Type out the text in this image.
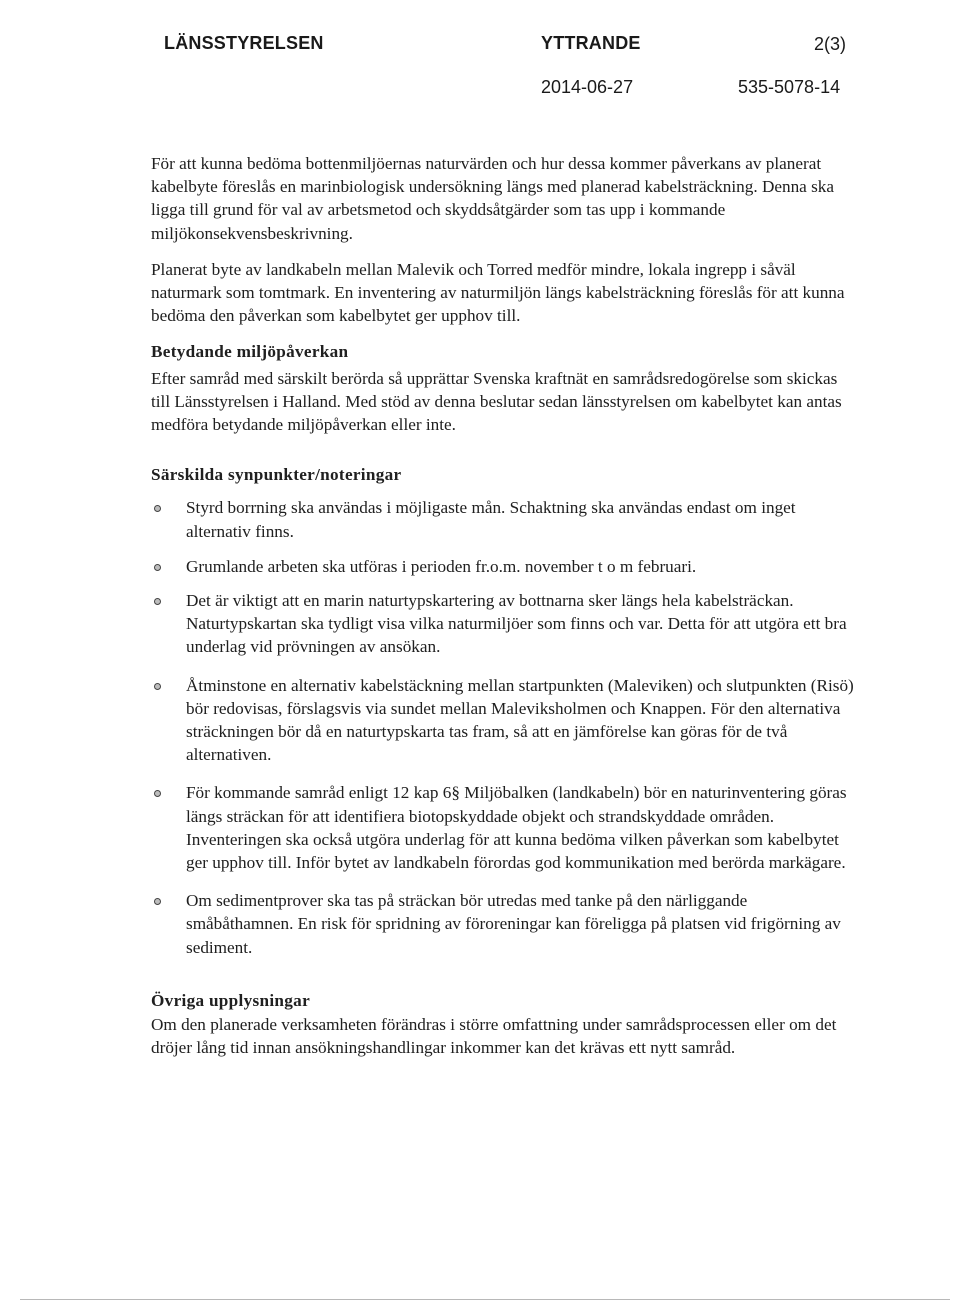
LÄNSSTYRELSEN	YTTRANDE	2(3)
2014-06-27	535-5078-14

För att kunna bedöma bottenmiljöernas naturvärden och hur dessa kommer påverkans av planerat kabelbyte föreslås en marinbiologisk undersökning längs med planerad kabelsträckning. Denna ska ligga till grund för val av arbetsmetod och skyddsåtgärder som tas upp i kommande miljökonsekvensbeskrivning.

Planerat byte av landkabeln mellan Malevik och Torred medför mindre, lokala ingrepp i såväl naturmark som tomtmark. En inventering av naturmiljön längs kabelsträckning föreslås för att kunna bedöma den påverkan som kabelbytet ger upphov till.

Betydande miljöpåverkan

Efter samråd med särskilt berörda så upprättar Svenska kraftnät en samrådsredogörelse som skickas till Länsstyrelsen i Halland. Med stöd av denna beslutar sedan länsstyrelsen om kabelbytet kan antas medföra betydande miljöpåverkan eller inte.

Särskilda synpunkter/noteringar
Styrd borrning ska användas i möjligaste mån. Schaktning ska användas endast om inget alternativ finns.
Grumlande arbeten ska utföras i perioden fr.o.m. november t o m februari.
Det är viktigt att en marin naturtypskartering av bottnarna sker längs hela kabelsträckan. Naturtypskartan ska tydligt visa vilka naturmiljöer som finns och var. Detta för att utgöra ett bra underlag vid prövningen av ansökan.
Åtminstone en alternativ kabelstäckning mellan startpunkten (Maleviken) och slutpunkten (Risö) bör redovisas, förslagsvis via sundet mellan Maleviksholmen och Knappen. För den alternativa sträckningen bör då en naturtypskarta tas fram, så att en jämförelse kan göras för de två alternativen.
För kommande samråd enligt 12 kap 6§ Miljöbalken (landkabeln) bör en naturinventering göras längs sträckan för att identifiera biotopskyddade objekt och strandskyddade områden. Inventeringen ska också utgöra underlag för att kunna bedöma vilken påverkan som kabelbytet ger upphov till. Inför bytet av landkabeln förordas god kommunikation med berörda markägare.
Om sedimentprover ska tas på sträckan bör utredas med tanke på den närliggande småbåthamnen. En risk för spridning av föroreningar kan föreligga på platsen vid frigörning av sediment.
Övriga upplysningar

Om den planerade verksamheten förändras i större omfattning under samrådsprocessen eller om det dröjer lång tid innan ansökningshandlingar inkommer kan det krävas ett nytt samråd.
